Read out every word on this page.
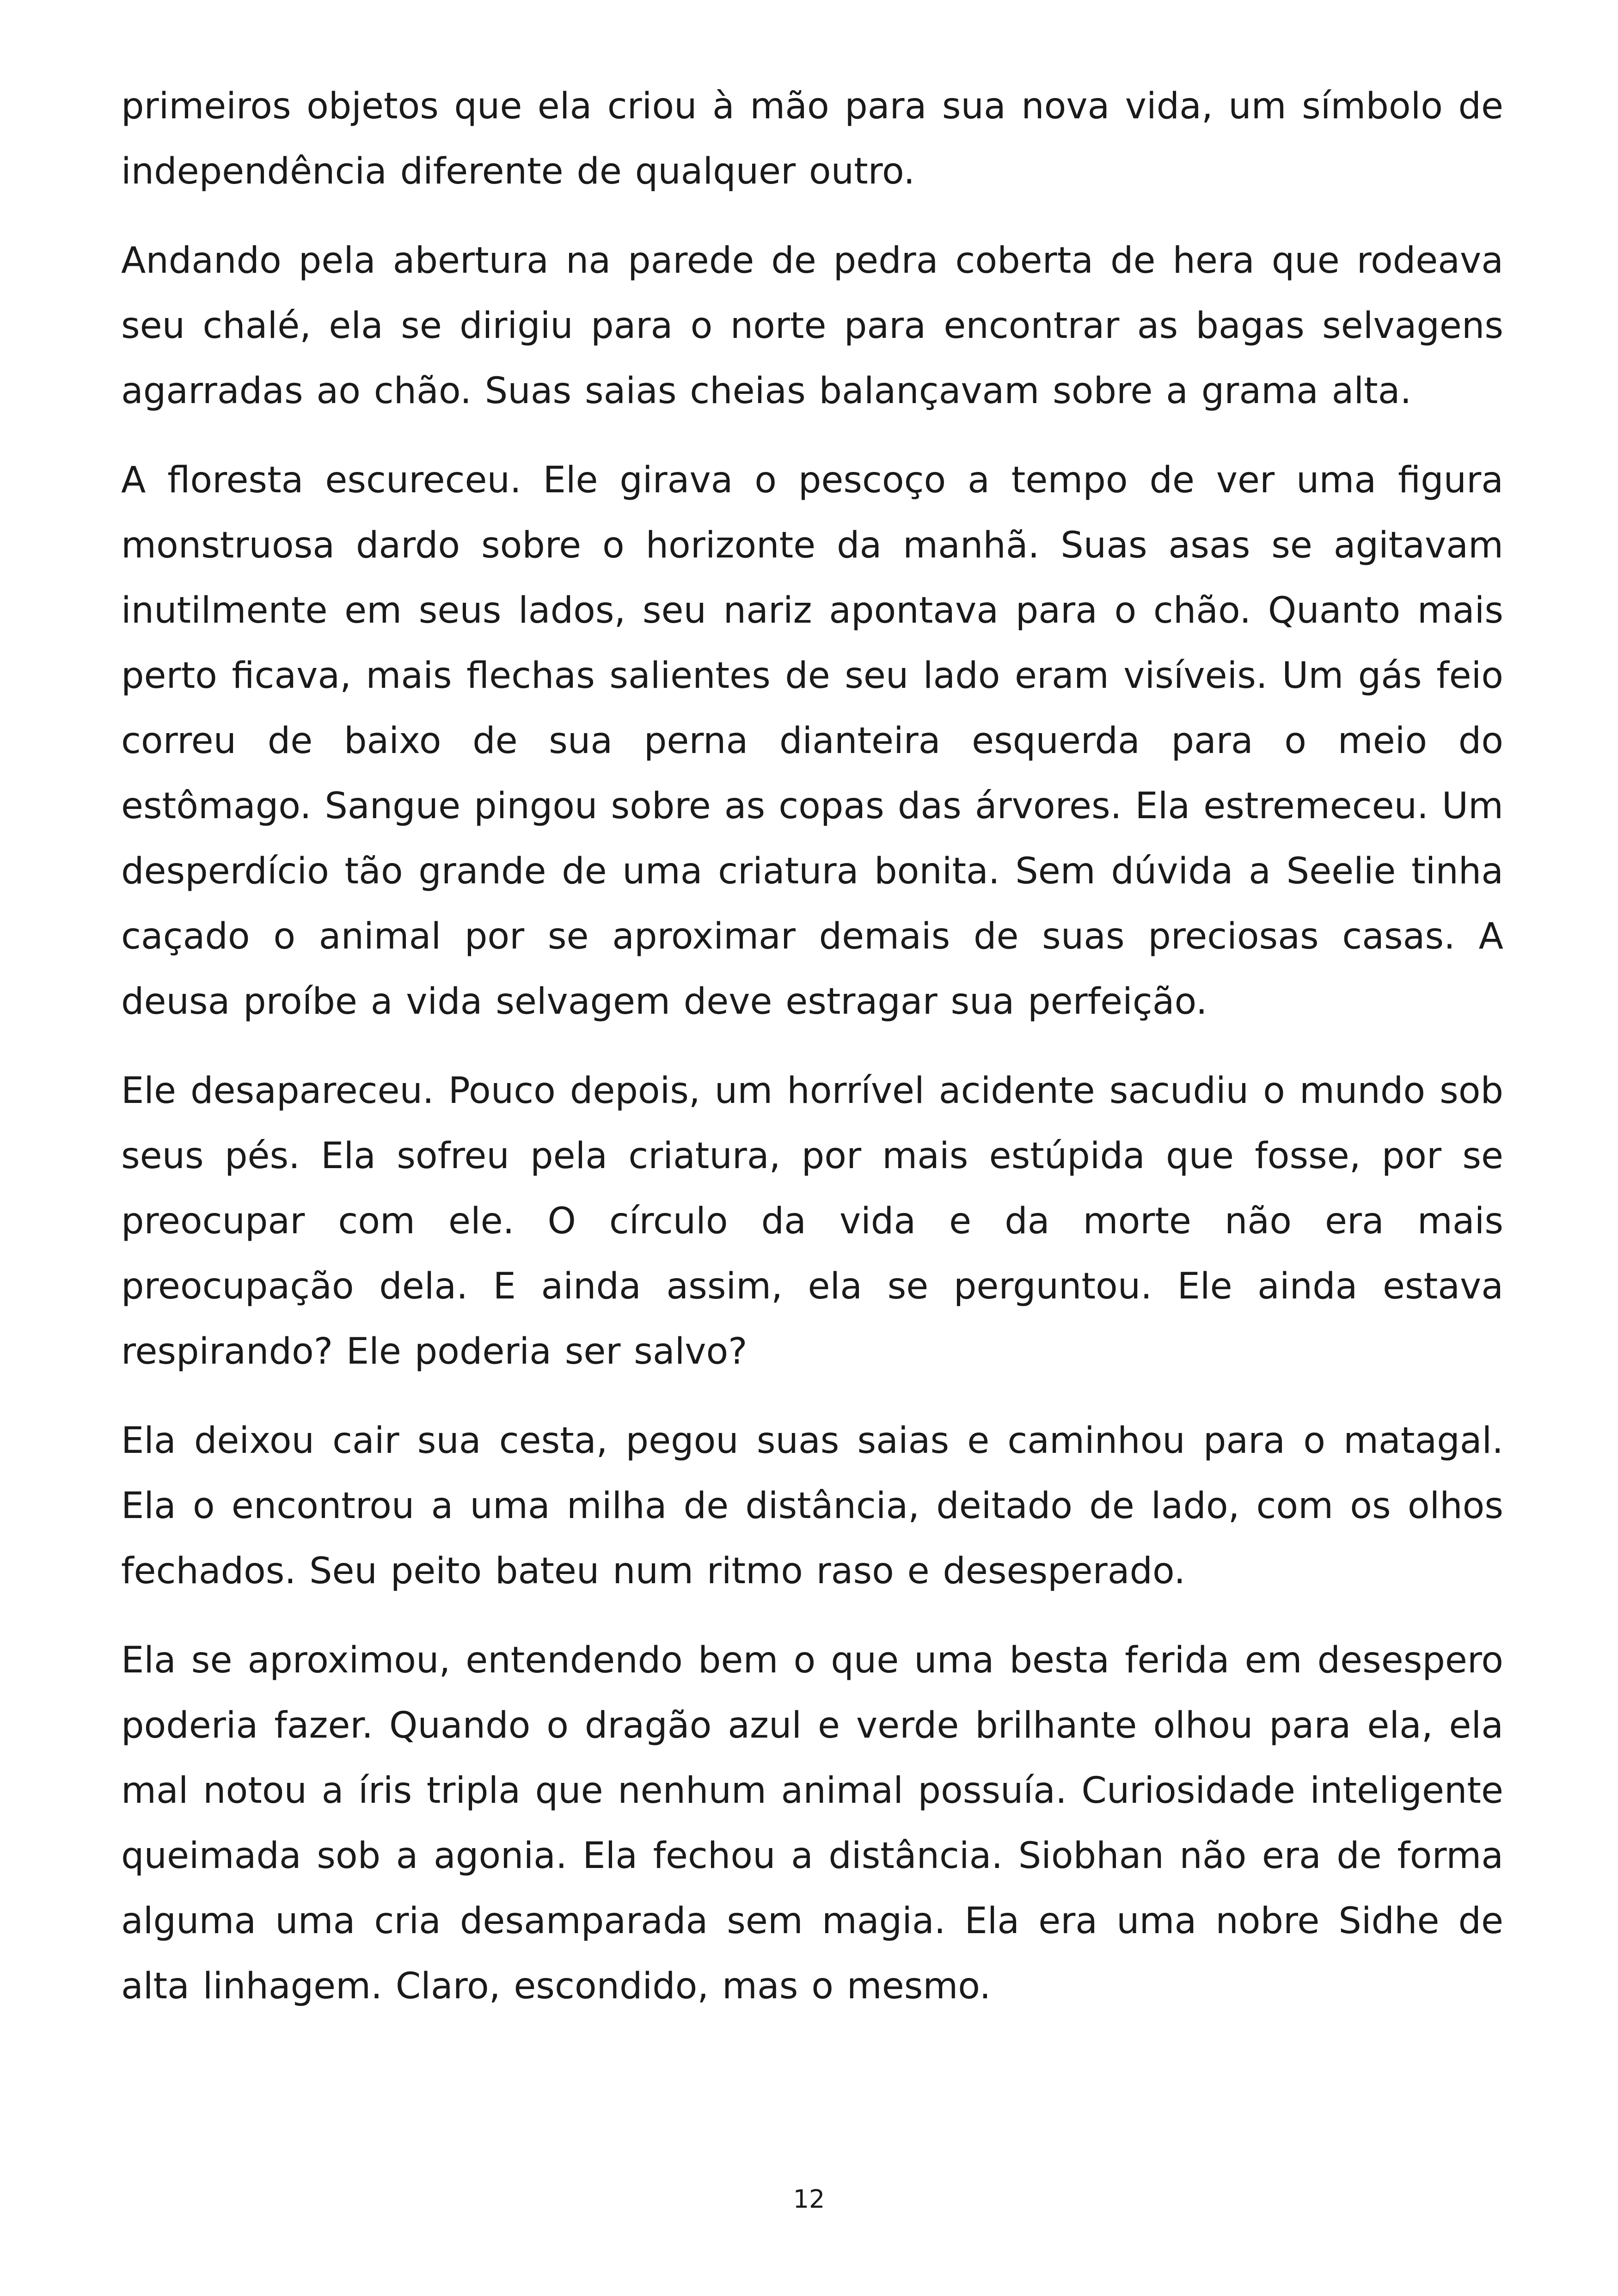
primeiros objetos que ela criou à mão para sua nova vida, um símbolo de independência diferente de qualquer outro.

Andando pela abertura na parede de pedra coberta de hera que rodeava seu chalé, ela se dirigiu para o norte para encontrar as bagas selvagens agarradas ao chão. Suas saias cheias balançavam sobre a grama alta.

A floresta escureceu. Ele girava o pescoço a tempo de ver uma figura monstruosa dardo sobre o horizonte da manhã. Suas asas se agitavam inutilmente em seus lados, seu nariz apontava para o chão. Quanto mais perto ficava, mais flechas salientes de seu lado eram visíveis. Um gás feio correu de baixo de sua perna dianteira esquerda para o meio do estômago. Sangue pingou sobre as copas das árvores. Ela estremeceu. Um desperdício tão grande de uma criatura bonita. Sem dúvida a Seelie tinha caçado o animal por se aproximar demais de suas preciosas casas. A deusa proíbe a vida selvagem deve estragar sua perfeição.

Ele desapareceu. Pouco depois, um horrível acidente sacudiu o mundo sob seus pés. Ela sofreu pela criatura, por mais estúpida que fosse, por se preocupar com ele. O círculo da vida e da morte não era mais preocupação dela. E ainda assim, ela se perguntou. Ele ainda estava respirando? Ele poderia ser salvo?

Ela deixou cair sua cesta, pegou suas saias e caminhou para o matagal. Ela o encontrou a uma milha de distância, deitado de lado, com os olhos fechados. Seu peito bateu num ritmo raso e desesperado.

Ela se aproximou, entendendo bem o que uma besta ferida em desespero poderia fazer. Quando o dragão azul e verde brilhante olhou para ela, ela mal notou a íris tripla que nenhum animal possuía. Curiosidade inteligente queimada sob a agonia. Ela fechou a distância. Siobhan não era de forma alguma uma cria desamparada sem magia. Ela era uma nobre Sidhe de alta linhagem. Claro, escondido, mas o mesmo.

12
